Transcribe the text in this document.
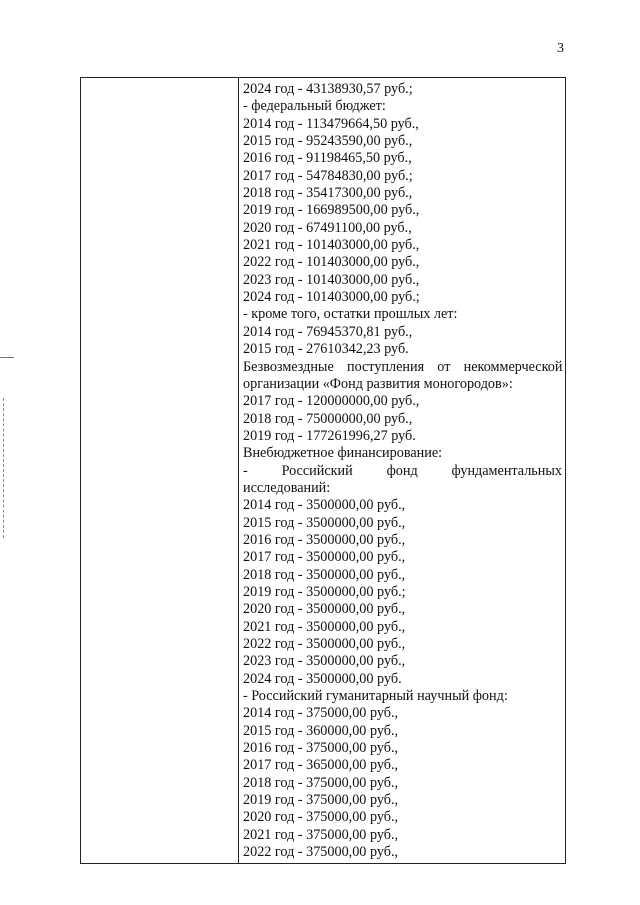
3
2024 год - 43138930,57 руб.;
- федеральный бюджет:
2014 год - 113479664,50 руб.,
2015 год - 95243590,00 руб.,
2016 год - 91198465,50 руб.,
2017 год - 54784830,00 руб.;
2018 год - 35417300,00 руб.,
2019 год - 166989500,00 руб.,
2020 год - 67491100,00 руб.,
2021 год - 101403000,00 руб.,
2022 год - 101403000,00 руб.,
2023 год - 101403000,00 руб.,
2024 год - 101403000,00 руб.;
- кроме того, остатки прошлых лет:
2014 год - 76945370,81 руб.,
2015 год - 27610342,23 руб.
Безвозмездные поступления от некоммерческой
организации «Фонд развития моногородов»:
2017 год - 120000000,00 руб.,
2018 год - 75000000,00 руб.,
2019 год - 177261996,27 руб.
Внебюджетное финансирование:
- Российский фонд фундаментальных
исследований:
2014 год - 3500000,00 руб.,
2015 год - 3500000,00 руб.,
2016 год - 3500000,00 руб.,
2017 год - 3500000,00 руб.,
2018 год - 3500000,00 руб.,
2019 год - 3500000,00 руб.;
2020 год - 3500000,00 руб.,
2021 год - 3500000,00 руб.,
2022 год - 3500000,00 руб.,
2023 год - 3500000,00 руб.,
2024 год - 3500000,00 руб.
- Российский гуманитарный научный фонд:
2014 год - 375000,00 руб.,
2015 год - 360000,00 руб.,
2016 год - 375000,00 руб.,
2017 год - 365000,00 руб.,
2018 год - 375000,00 руб.,
2019 год - 375000,00 руб.,
2020 год - 375000,00 руб.,
2021 год - 375000,00 руб.,
2022 год - 375000,00 руб.,
